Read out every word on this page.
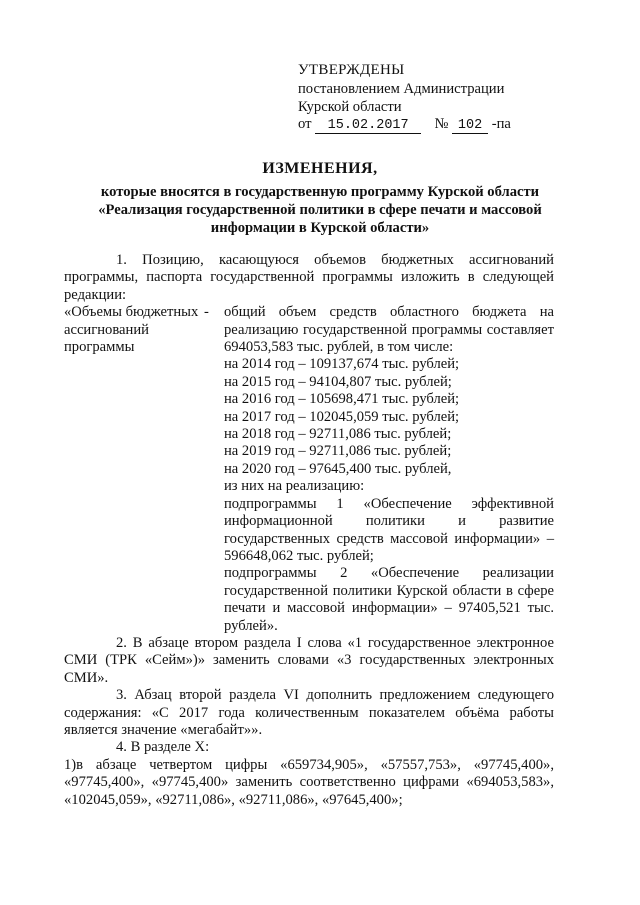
УТВЕРЖДЕНЫ
постановлением Администрации
Курской области
от 15.02.2017 № 102 -па
ИЗМЕНЕНИЯ,
которые вносятся в государственную программу Курской области
«Реализация государственной политики в сфере печати и массовой
информации в Курской области»

1. Позицию, касающуюся объемов бюджетных ассигнований программы, паспорта государственной программы изложить в следующей редакции:

«Объемы бюджетных ассигнований программы
-	общий объем средств областного бюджета на реализацию государственной программы составляет 694053,583 тыс. рублей, в том числе:
на 2014 год – 109137,674 тыс. рублей;
на 2015 год – 94104,807 тыс. рублей;
на 2016 год – 105698,471 тыс. рублей;
на 2017 год – 102045,059 тыс. рублей;
на 2018 год – 92711,086 тыс. рублей;
на 2019 год – 92711,086 тыс. рублей;
на 2020 год – 97645,400 тыс. рублей,
из них на реализацию:
подпрограммы 1 «Обеспечение эффективной информационной политики и развитие государственных средств массовой информации» – 596648,062 тыс. рублей;
подпрограммы 2 «Обеспечение реализации государственной политики Курской области в сфере печати и массовой информации» – 97405,521 тыс. рублей».

2. В абзаце втором раздела I слова «1 государственное электронное СМИ (ТРК «Сейм»)» заменить словами «3 государственных электронных СМИ».

3. Абзац второй раздела VI дополнить предложением следующего содержания: «С 2017 года количественным показателем объёма работы является значение «мегабайт»».

4. В разделе X:

1)в абзаце четвертом цифры «659734,905», «57557,753», «97745,400», «97745,400», «97745,400» заменить соответственно цифрами «694053,583», «102045,059», «92711,086», «92711,086», «97645,400»;
